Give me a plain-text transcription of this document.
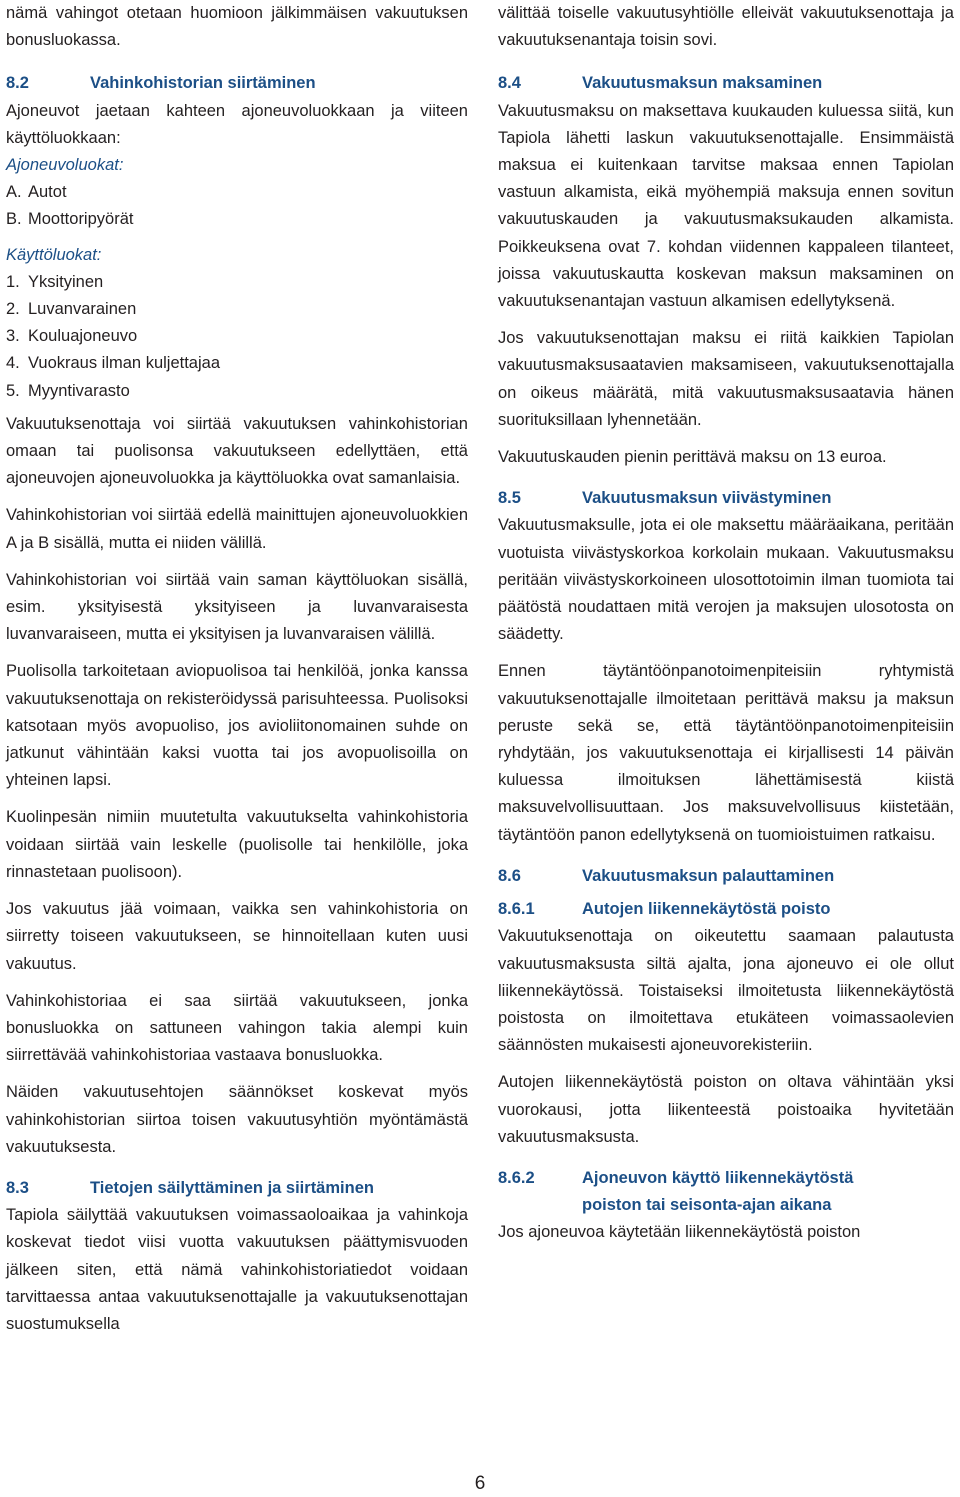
nämä vahingot otetaan huomioon jälkimmäisen vakuutuksen bonusluokassa.

8.2	Vahinkohistorian siirtäminen

Ajoneuvot jaetaan kahteen ajoneuvoluokkaan ja viiteen käyttöluokkaan:

Ajoneuvoluokat:

A. Autot
B. Moottoripyörät

Käyttöluokat:

1. Yksityinen
2. Luvanvarainen
3. Kouluajoneuvo
4. Vuokraus ilman kuljettajaa
5. Myyntivarasto

Vakuutuksenottaja voi siirtää vakuutuksen vahinkohistorian omaan tai puolisonsa vakuutukseen edellyttäen, että ajoneuvojen ajoneuvoluokka ja käyttöluokka ovat samanlaisia.

Vahinkohistorian voi siirtää edellä mainittujen ajoneuvoluokkien A ja B sisällä, mutta ei niiden välillä.

Vahinkohistorian voi siirtää vain saman käyttöluokan sisällä, esim. yksityisestä yksityiseen ja luvanvaraisesta luvanvaraiseen, mutta ei yksityisen ja luvanvaraisen välillä.

Puolisolla tarkoitetaan aviopuolisoa tai henkilöä, jonka kanssa vakuutuksenottaja on rekisteröidyssä parisuhteessa. Puolisoksi katsotaan myös avopuoliso, jos avioliitonomainen suhde on jatkunut vähintään kaksi vuotta tai jos avopuolisoilla on yhteinen lapsi.

Kuolinpesän nimiin muutetulta vakuutukselta vahinkohistoria voidaan siirtää vain leskelle (puolisolle tai henkilölle, joka rinnastetaan puolisoon).

Jos vakuutus jää voimaan, vaikka sen vahinkohistoria on siirretty toiseen vakuutukseen, se hinnoitellaan kuten uusi vakuutus.

Vahinkohistoriaa ei saa siirtää vakuutukseen, jonka bonusluokka on sattuneen vahingon takia alempi kuin siirrettävää vahinkohistoriaa vastaava bonusluokka.

Näiden vakuutusehtojen säännökset koskevat myös vahinkohistorian siirtoa toisen vakuutusyhtiön myöntämästä vakuutuksesta.

8.3	Tietojen säilyttäminen ja siirtäminen

Tapiola säilyttää vakuutuksen voimassaoloaikaa ja vahinkoja koskevat tiedot viisi vuotta vakuutuksen päättymisvuoden jälkeen siten, että nämä vahinkohistoriatiedot voidaan tarvittaessa antaa vakuutuksenottajalle ja vakuutuksenottajan suostumuksella

välittää toiselle vakuutusyhtiölle elleivät vakuutuksenottaja ja vakuutuksenantaja toisin sovi.

8.4	Vakuutusmaksun maksaminen

Vakuutusmaksu on maksettava kuukauden kuluessa siitä, kun Tapiola lähetti laskun vakuutuksenottajalle. Ensimmäistä maksua ei kuitenkaan tarvitse maksaa ennen Tapiolan vastuun alkamista, eikä myöhempiä maksuja ennen sovitun vakuutuskauden ja vakuutusmaksukauden alkamista. Poikkeuksena ovat 7. kohdan viidennen kappaleen tilanteet, joissa vakuutuskautta koskevan maksun maksaminen on vakuutuksenantajan vastuun alkamisen edellytyksenä.

Jos vakuutuksenottajan maksu ei riitä kaikkien Tapiolan vakuutusmaksusaatavien maksamiseen, vakuutuksenottajalla on oikeus määrätä, mitä vakuutusmaksusaatavia hänen suorituksillaan lyhennetään.

Vakuutuskauden pienin perittävä maksu on 13 euroa.

8.5	Vakuutusmaksun viivästyminen

Vakuutusmaksulle, jota ei ole maksettu määräaikana, peritään vuotuista viivästyskorkoa korkolain mukaan. Vakuutusmaksu peritään viivästyskorkoineen ulosottotoimin ilman tuomiota tai päätöstä noudattaen mitä verojen ja maksujen ulosotosta on säädetty.

Ennen täytäntöönpanotoimenpiteisiin ryhtymistä vakuutuksenottajalle ilmoitetaan perittävä maksu ja maksun peruste sekä se, että täytäntöönpanotoimenpiteisiin ryhdytään, jos vakuutuksenottaja ei kirjallisesti 14 päivän kuluessa ilmoituksen lähettämisestä kiistä maksuvelvollisuuttaan. Jos maksuvelvollisuus kiistetään, täytäntöön panon edellytyksenä on tuomioistuimen ratkaisu.

8.6	Vakuutusmaksun palauttaminen
8.6.1	Autojen liikennekäytöstä poisto

Vakuutuksenottaja on oikeutettu saamaan palautusta vakuutusmaksusta siltä ajalta, jona ajoneuvo ei ole ollut liikennekäytössä. Toistaiseksi ilmoitetusta liikennekäytöstä poistosta on ilmoitettava etukäteen voimassaolevien säännösten mukaisesti ajoneuvorekisteriin.

Autojen liikennekäytöstä poiston on oltava vähintään yksi vuorokausi, jotta liikenteestä poistoaika hyvitetään vakuutusmaksusta.

8.6.2	Ajoneuvon käyttö liikennekäytöstä
poiston tai seisonta-ajan aikana

Jos ajoneuvoa käytetään liikennekäytöstä poiston

6
